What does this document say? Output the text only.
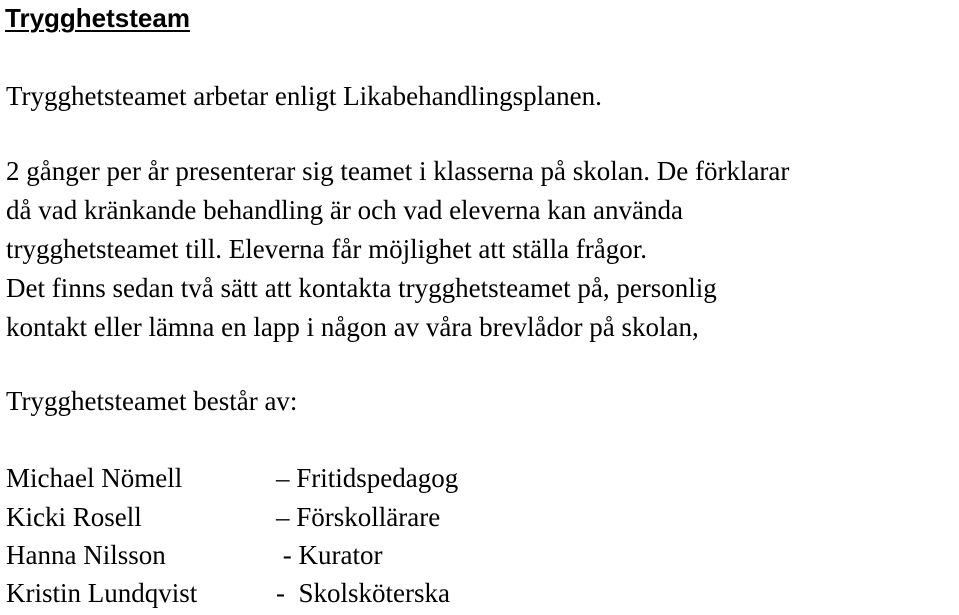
Trygghetsteam
Trygghetsteamet arbetar enligt Likabehandlingsplanen.
2 gånger per år presenterar sig teamet i klasserna på skolan. De förklarar
då vad kränkande behandling är och vad eleverna kan använda
trygghetsteamet till. Eleverna får möjlighet att ställa frågor.
Det finns sedan två sätt att kontakta trygghetsteamet på, personlig
kontakt eller lämna en lapp i någon av våra brevlådor på skolan,
Trygghetsteamet består av:
Michael Nömell	– Fritidspedagog
Kicki Rosell	– Förskollärare
Hanna Nilsson	- Kurator
Kristin Lundqvist	-  Skolsköterska
